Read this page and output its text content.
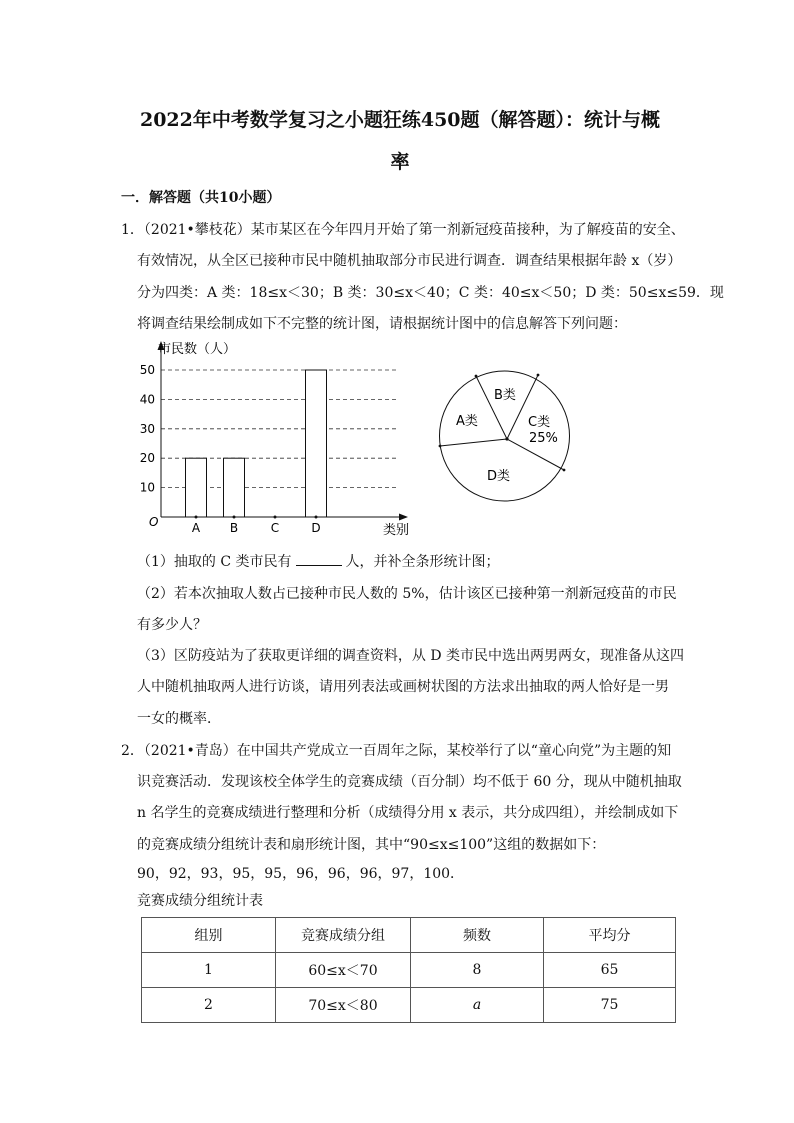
2022年中考数学复习之小题狂练450题（解答题）：统计与概
率
一．解答题（共10小题）
1．（2021•攀枝花）某市某区在今年四月开始了第一剂新冠疫苗接种，为了解疫苗的安全、
有效情况，从全区已接种市民中随机抽取部分市民进行调查．调查结果根据年龄 x（岁）
分为四类：A 类：18≤x＜30；B 类：30≤x＜40；C 类：40≤x＜50；D 类：50≤x≤59．现
将调查结果绘制成如下不完整的统计图，请根据统计图中的信息解答下列问题：
10
20
30
40
50
A B	C	D
市民数（人）
类别
O
B类
A类	C类
25%
D类
（1）抽取的 C 类市民有	人，并补全条形统计图；
（2）若本次抽取人数占已接种市民人数的 5%，估计该区已接种第一剂新冠疫苗的市民
有多少人？
（3）区防疫站为了获取更详细的调查资料，从 D 类市民中选出两男两女，现准备从这四
人中随机抽取两人进行访谈，请用列表法或画树状图的方法求出抽取的两人恰好是一男
一女的概率．
2．（2021•青岛）在中国共产党成立一百周年之际，某校举行了以“童心向党”为主题的知
识竞赛活动．发现该校全体学生的竞赛成绩（百分制）均不低于 60 分，现从中随机抽取
n 名学生的竞赛成绩进行整理和分析（成绩得分用 x 表示，共分成四组），并绘制成如下
的竞赛成绩分组统计表和扇形统计图，其中“90≤x≤100”这组的数据如下：
90，92，93，95，95，96，96，96，97，100．
竞赛成绩分组统计表
组别	竞赛成绩分组	频数	平均分
1	60≤x＜70	8	65
2	70≤x＜80	a	75
